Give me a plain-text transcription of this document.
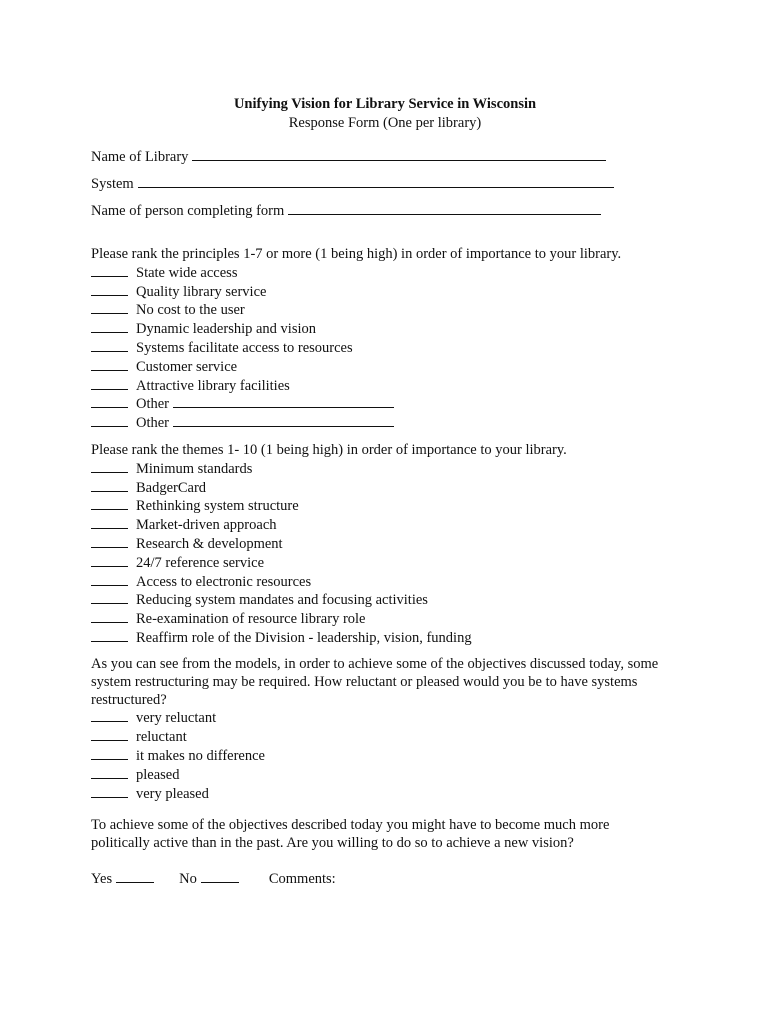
Unifying Vision for Library Service in Wisconsin
Response Form (One per library)
Name of Library
System
Name of person completing form

Please rank the principles 1-7 or more (1 being high) in order of importance to your library.

State wide access
Quality library service
No cost to the user
Dynamic leadership and vision
Systems facilitate access to resources
Customer service
Attractive library facilities
Other
Other

Please rank the themes 1- 10 (1 being high) in order of importance to your library.

Minimum standards
BadgerCard
Rethinking system structure
Market-driven approach
Research & development
24/7 reference service
Access to electronic resources
Reducing system mandates and focusing activities
Re-examination of resource library role
Reaffirm role of the Division - leadership, vision, funding

As you can see from the models, in order to achieve some of the objectives discussed today, some system restructuring may be required. How reluctant or pleased would you be to have systems restructured?

very reluctant
reluctant
it makes no difference
pleased
very pleased

To achieve some of the objectives described today you might have to become much more politically active than in the past. Are you willing to do so to achieve a new vision?

Yes	No	Comments:
